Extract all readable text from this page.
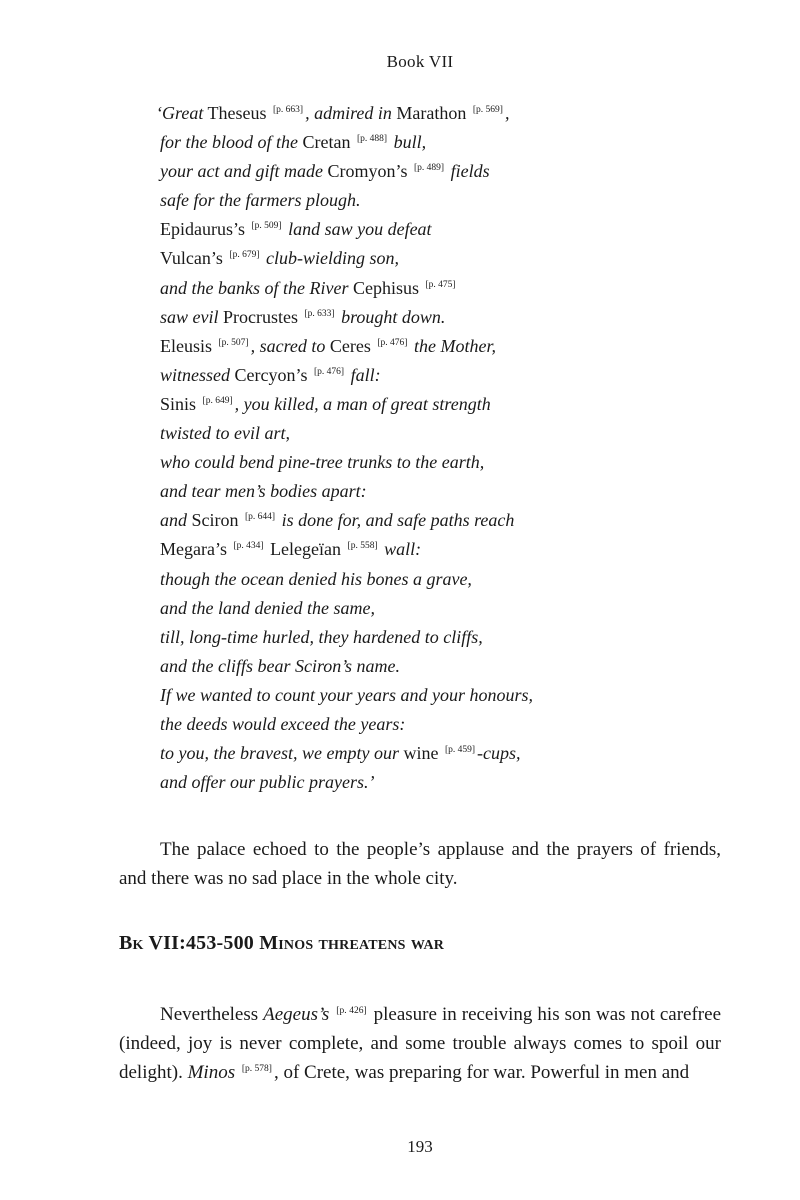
Book VII
‘Great Theseus [p. 663] , admired in Marathon [p. 569] ,
for the blood of the Cretan [p. 488] bull,
your act and gift made Cromyon’s [p. 489] fields
safe for the farmers plough.
Epidaurus’s [p. 509] land saw you defeat
Vulcan’s [p. 679] club-wielding son,
and the banks of the River Cephisus [p. 475]
saw evil Procrustes [p. 633] brought down.
Eleusis [p. 507] , sacred to Ceres [p. 476] the Mother,
witnessed Cercyon’s [p. 476] fall:
Sinis [p. 649] , you killed, a man of great strength
twisted to evil art,
who could bend pine-tree trunks to the earth,
and tear men’s bodies apart:
and Sciron [p. 644] is done for, and safe paths reach
Megara’s [p. 434] Lelegeïan [p. 558] wall:
though the ocean denied his bones a grave,
and the land denied the same,
till, long-time hurled, they hardened to cliffs,
and the cliffs bear Sciron’s name.
If we wanted to count your years and your honours,
the deeds would exceed the years:
to you, the bravest, we empty our wine [p. 459] -cups,
and offer our public prayers.’
The palace echoed to the people’s applause and the prayers of friends, and there was no sad place in the whole city.
Bk VII:453-500 Minos threatens war
Nevertheless Aegeus’s [p. 426] pleasure in receiving his son was not carefree (indeed, joy is never complete, and some trouble always comes to spoil our delight). Minos [p. 578] , of Crete, was preparing for war. Powerful in men and
193
